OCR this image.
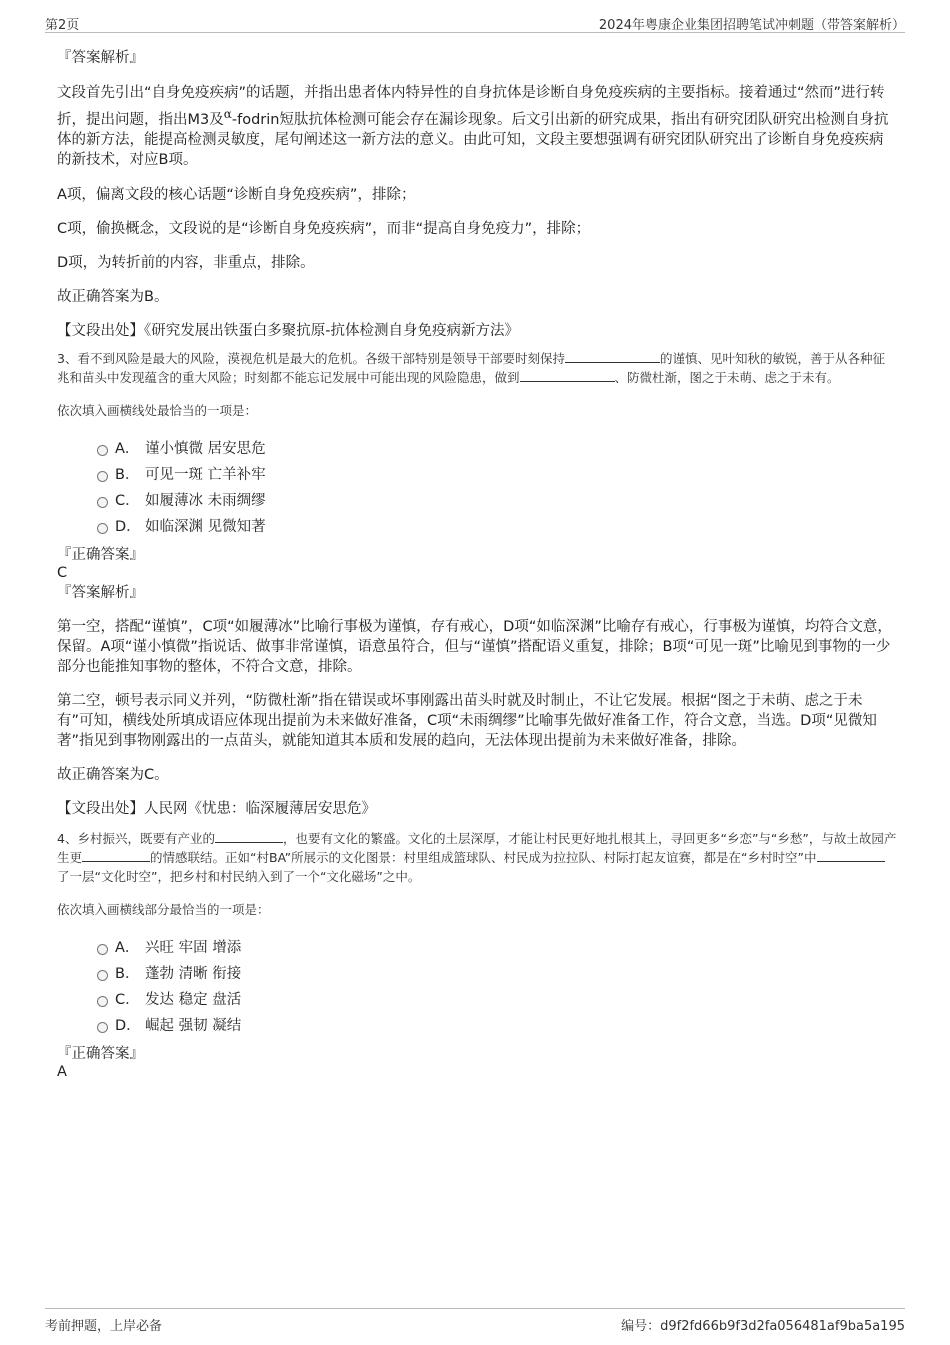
第2页	2024年粤康企业集团招聘笔试冲刺题（带答案解析）

『答案解析』

文段首先引出“自身免疫疾病”的话题，并指出患者体内特异性的自身抗体是诊断自身免疫疾病的主要指标。接着通过“然而”进行转折，提出问题，指出M3及$^\alpha$-fodrin短肽抗体检测可能会存在漏诊现象。后文引出新的研究成果，指出有研究团队研究出检测自身抗体的新方法，能提高检测灵敏度，尾句阐述这一新方法的意义。由此可知，文段主要想强调有研究团队研究出了诊断自身免疫疾病的新技术，对应B项。

A项，偏离文段的核心话题“诊断自身免疫疾病”，排除；

C项，偷换概念，文段说的是“诊断自身免疫疾病”，而非“提高自身免疫力”，排除；

D项，为转折前的内容，非重点，排除。

故正确答案为B。

【文段出处】《研究发展出铁蛋白多聚抗原-抗体检测自身免疫病新方法》

3、看不到风险是最大的风险，漠视危机是最大的危机。各级干部特别是领导干部要时刻保持	的谨慎、见叶知秋的敏锐，善于从各种征兆和苗头中发现蕴含的重大风险；时刻都不能忘记发展中可能出现的风险隐患，做到	、防微杜渐，图之于未萌、虑之于未有。

依次填入画横线处最恰当的一项是：

A． 谨小慎微 居安思危
B． 可见一斑 亡羊补牢
C． 如履薄冰 未雨绸缪
D． 如临深渊 见微知著

『正确答案』

C

『答案解析』

第一空，搭配“谨慎”，C项“如履薄冰”比喻行事极为谨慎，存有戒心，D项“如临深渊”比喻存有戒心，行事极为谨慎，均符合文意，保留。A项“谨小慎微”指说话、做事非常谨慎，语意虽符合，但与“谨慎”搭配语义重复，排除；B项“可见一斑”比喻见到事物的一少部分也能推知事物的整体，不符合文意，排除。

第二空，顿号表示同义并列，“防微杜渐”指在错误或坏事刚露出苗头时就及时制止，不让它发展。根据“图之于未萌、虑之于未有”可知，横线处所填成语应体现出提前为未来做好准备，C项“未雨绸缪”比喻事先做好准备工作，符合文意，当选。D项“见微知著”指见到事物刚露出的一点苗头，就能知道其本质和发展的趋向，无法体现出提前为未来做好准备，排除。

故正确答案为C。

【文段出处】人民网《忧患：临深履薄居安思危》

4、乡村振兴，既要有产业的	，也要有文化的繁盛。文化的土层深厚，才能让村民更好地扎根其上，寻回更多“乡恋”与“乡愁”，与故土故园产生更	的情感联结。正如“村BA”所展示的文化图景：村里组成篮球队、村民成为拉拉队、村际打起友谊赛，都是在“乡村时空”中了一层“文化时空”，把乡村和村民纳入到了一个“文化磁场”之中。

依次填入画横线部分最恰当的一项是：

A． 兴旺 牢固 增添
B． 蓬勃 清晰 衔接
C． 发达 稳定 盘活
D． 崛起 强韧 凝结

『正确答案』

A

考前押题，上岸必备	编号：d9f2fd66b9f3d2fa056481af9ba5a195
